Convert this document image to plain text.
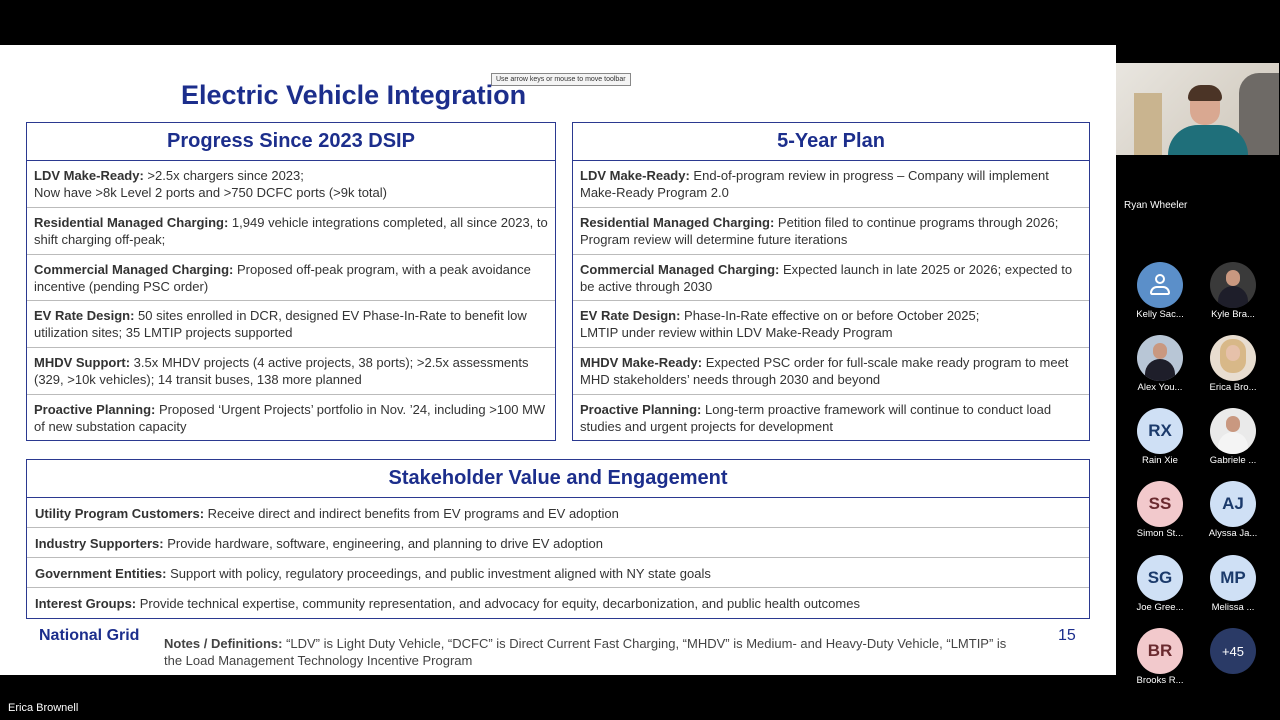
Use arrow keys or mouse to move toolbar
Electric Vehicle Integration
Progress Since 2023 DSIP
LDV Make-Ready: >2.5x chargers since 2023;
Now have >8k Level 2 ports and >750 DCFC ports (>9k total)
Residential Managed Charging: 1,949 vehicle integrations completed, all since 2023, to shift charging off-peak;
Commercial Managed Charging: Proposed off-peak program, with a peak avoidance incentive (pending PSC order)
EV Rate Design: 50 sites enrolled in DCR, designed EV Phase-In-Rate to benefit low utilization sites; 35 LMTIP projects supported
MHDV Support: 3.5x MHDV projects (4 active projects, 38 ports); >2.5x assessments (329, >10k vehicles); 14 transit buses, 138 more planned
Proactive Planning: Proposed ‘Urgent Projects’ portfolio in Nov. ’24, including >100 MW of new substation capacity
5-Year Plan
LDV Make-Ready: End-of-program review in progress – Company will implement Make-Ready Program 2.0
Residential Managed Charging: Petition filed to continue programs through 2026; Program review will determine future iterations
Commercial Managed Charging: Expected launch in late 2025 or 2026; expected to be active through 2030
EV Rate Design: Phase-In-Rate effective on or before October 2025;
LMTIP under review within LDV Make-Ready Program
MHDV Make-Ready: Expected PSC order for full-scale make ready program to meet MHD stakeholders’ needs through 2030 and beyond
Proactive Planning: Long-term proactive framework will continue to conduct load studies and urgent projects for development
Stakeholder Value and Engagement
Utility Program Customers: Receive direct and indirect benefits from EV programs and EV adoption
Industry Supporters: Provide hardware, software, engineering, and planning to drive EV adoption
Government Entities: Support with policy, regulatory proceedings, and public investment aligned with NY state goals
Interest Groups: Provide technical expertise, community representation, and advocacy for equity, decarbonization, and public health outcomes
National Grid Notes / Definitions: “LDV” is Light Duty Vehicle, “DCFC” is Direct Current Fast Charging, “MHDV” is Medium- and Heavy-Duty Vehicle, “LMTIP” is the Load Management Technology Incentive Program
15
Erica Brownell
Ryan Wheeler
Kelly Sac...	Kyle Bra...
Alex You...	Erica Bro...
RX
Rain Xie	Gabriele ...
SS
Simon St...
AJ
Alyssa Ja...
SG
Joe Gree...
MP
Melissa ...
BR
Brooks R...
+45
